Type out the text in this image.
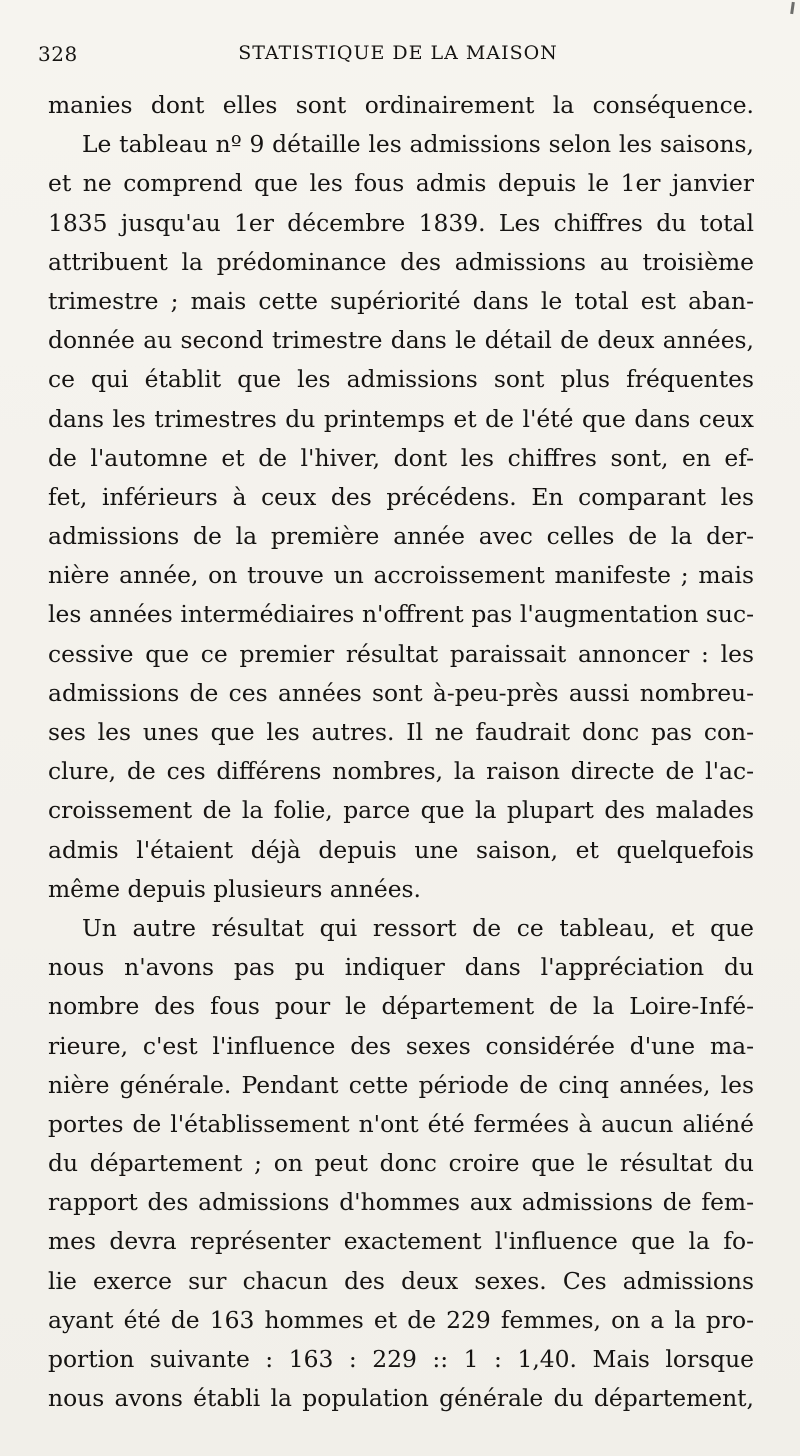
328	STATISTIQUE DE LA MAISON
manies dont elles sont ordinairement la conséquence.
Le tableau nº 9 détaille les admissions selon les saisons,
et ne comprend que les fous admis depuis le 1er janvier
1835 jusqu'au 1er décembre 1839. Les chiffres du total
attribuent la prédominance des admissions au troisième
trimestre ; mais cette supériorité dans le total est aban-
donnée au second trimestre dans le détail de deux années,
ce qui établit que les admissions sont plus fréquentes
dans les trimestres du printemps et de l'été que dans ceux
de l'automne et de l'hiver, dont les chiffres sont, en ef-
fet, inférieurs à ceux des précédens. En comparant les
admissions de la première année avec celles de la der-
nière année, on trouve un accroissement manifeste ; mais
les années intermédiaires n'offrent pas l'augmentation suc-
cessive que ce premier résultat paraissait annoncer : les
admissions de ces années sont à-peu-près aussi nombreu-
ses les unes que les autres. Il ne faudrait donc pas con-
clure, de ces différens nombres, la raison directe de l'ac-
croissement de la folie, parce que la plupart des malades
admis l'étaient déjà depuis une saison, et quelquefois
même depuis plusieurs années.
Un autre résultat qui ressort de ce tableau, et que
nous n'avons pas pu indiquer dans l'appréciation du
nombre des fous pour le département de la Loire-Infé-
rieure, c'est l'influence des sexes considérée d'une ma-
nière générale. Pendant cette période de cinq années, les
portes de l'établissement n'ont été fermées à aucun aliéné
du département ; on peut donc croire que le résultat du
rapport des admissions d'hommes aux admissions de fem-
mes devra représenter exactement l'influence que la fo-
lie exerce sur chacun des deux sexes. Ces admissions
ayant été de 163 hommes et de 229 femmes, on a la pro-
portion suivante : 163 : 229 :: 1 : 1,40. Mais lorsque
nous avons établi la population générale du département,
